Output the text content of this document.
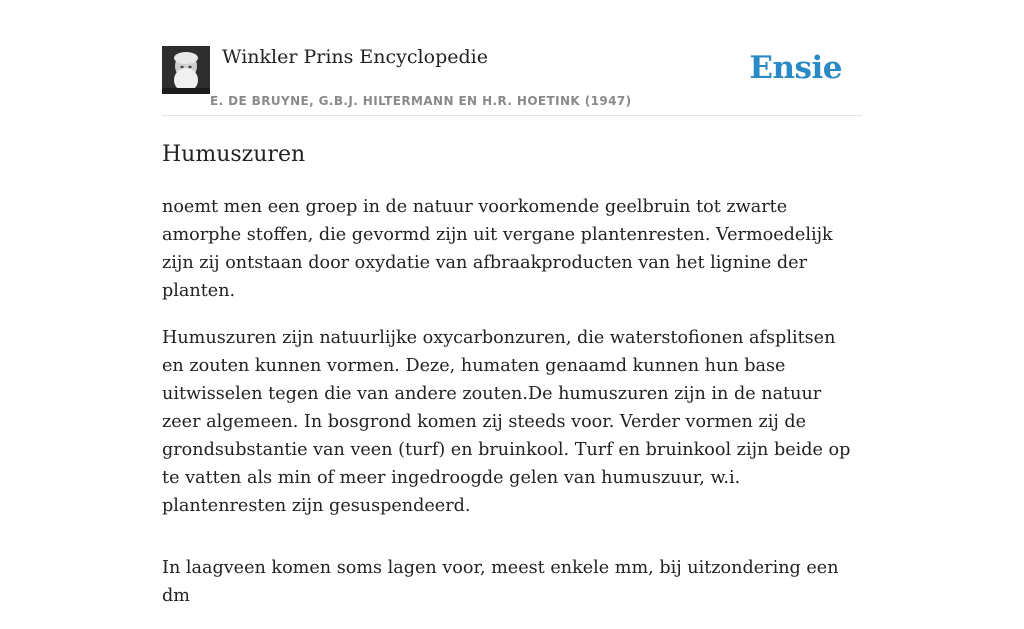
Winkler Prins Encyclopedie
E. DE BRUYNE, G.B.J. HILTERMANN EN H.R. HOETINK (1947)
Ensie
Humuszuren

noemt men een groep in de natuur voorkomende geelbruin tot zwarte amorphe stoffen, die gevormd zijn uit vergane plantenresten. Vermoedelijk zijn zij ontstaan door oxydatie van afbraakproducten van het lignine der planten.

Humuszuren zijn natuurlijke oxycarbonzuren, die waterstofionen afsplitsen en zouten kunnen vormen. Deze, humaten genaamd kunnen hun base uitwisselen tegen die van andere zouten.De humuszuren zijn in de natuur zeer algemeen. In bosgrond komen zij steeds voor. Verder vormen zij de grondsubstantie van veen (turf) en bruinkool. Turf en bruinkool zijn beide op te vatten als min of meer ingedroogde gelen van humuszuur, w.i. plantenresten zijn gesuspendeerd.

In laagveen komen soms lagen voor, meest enkele mm, bij uitzondering een dm
